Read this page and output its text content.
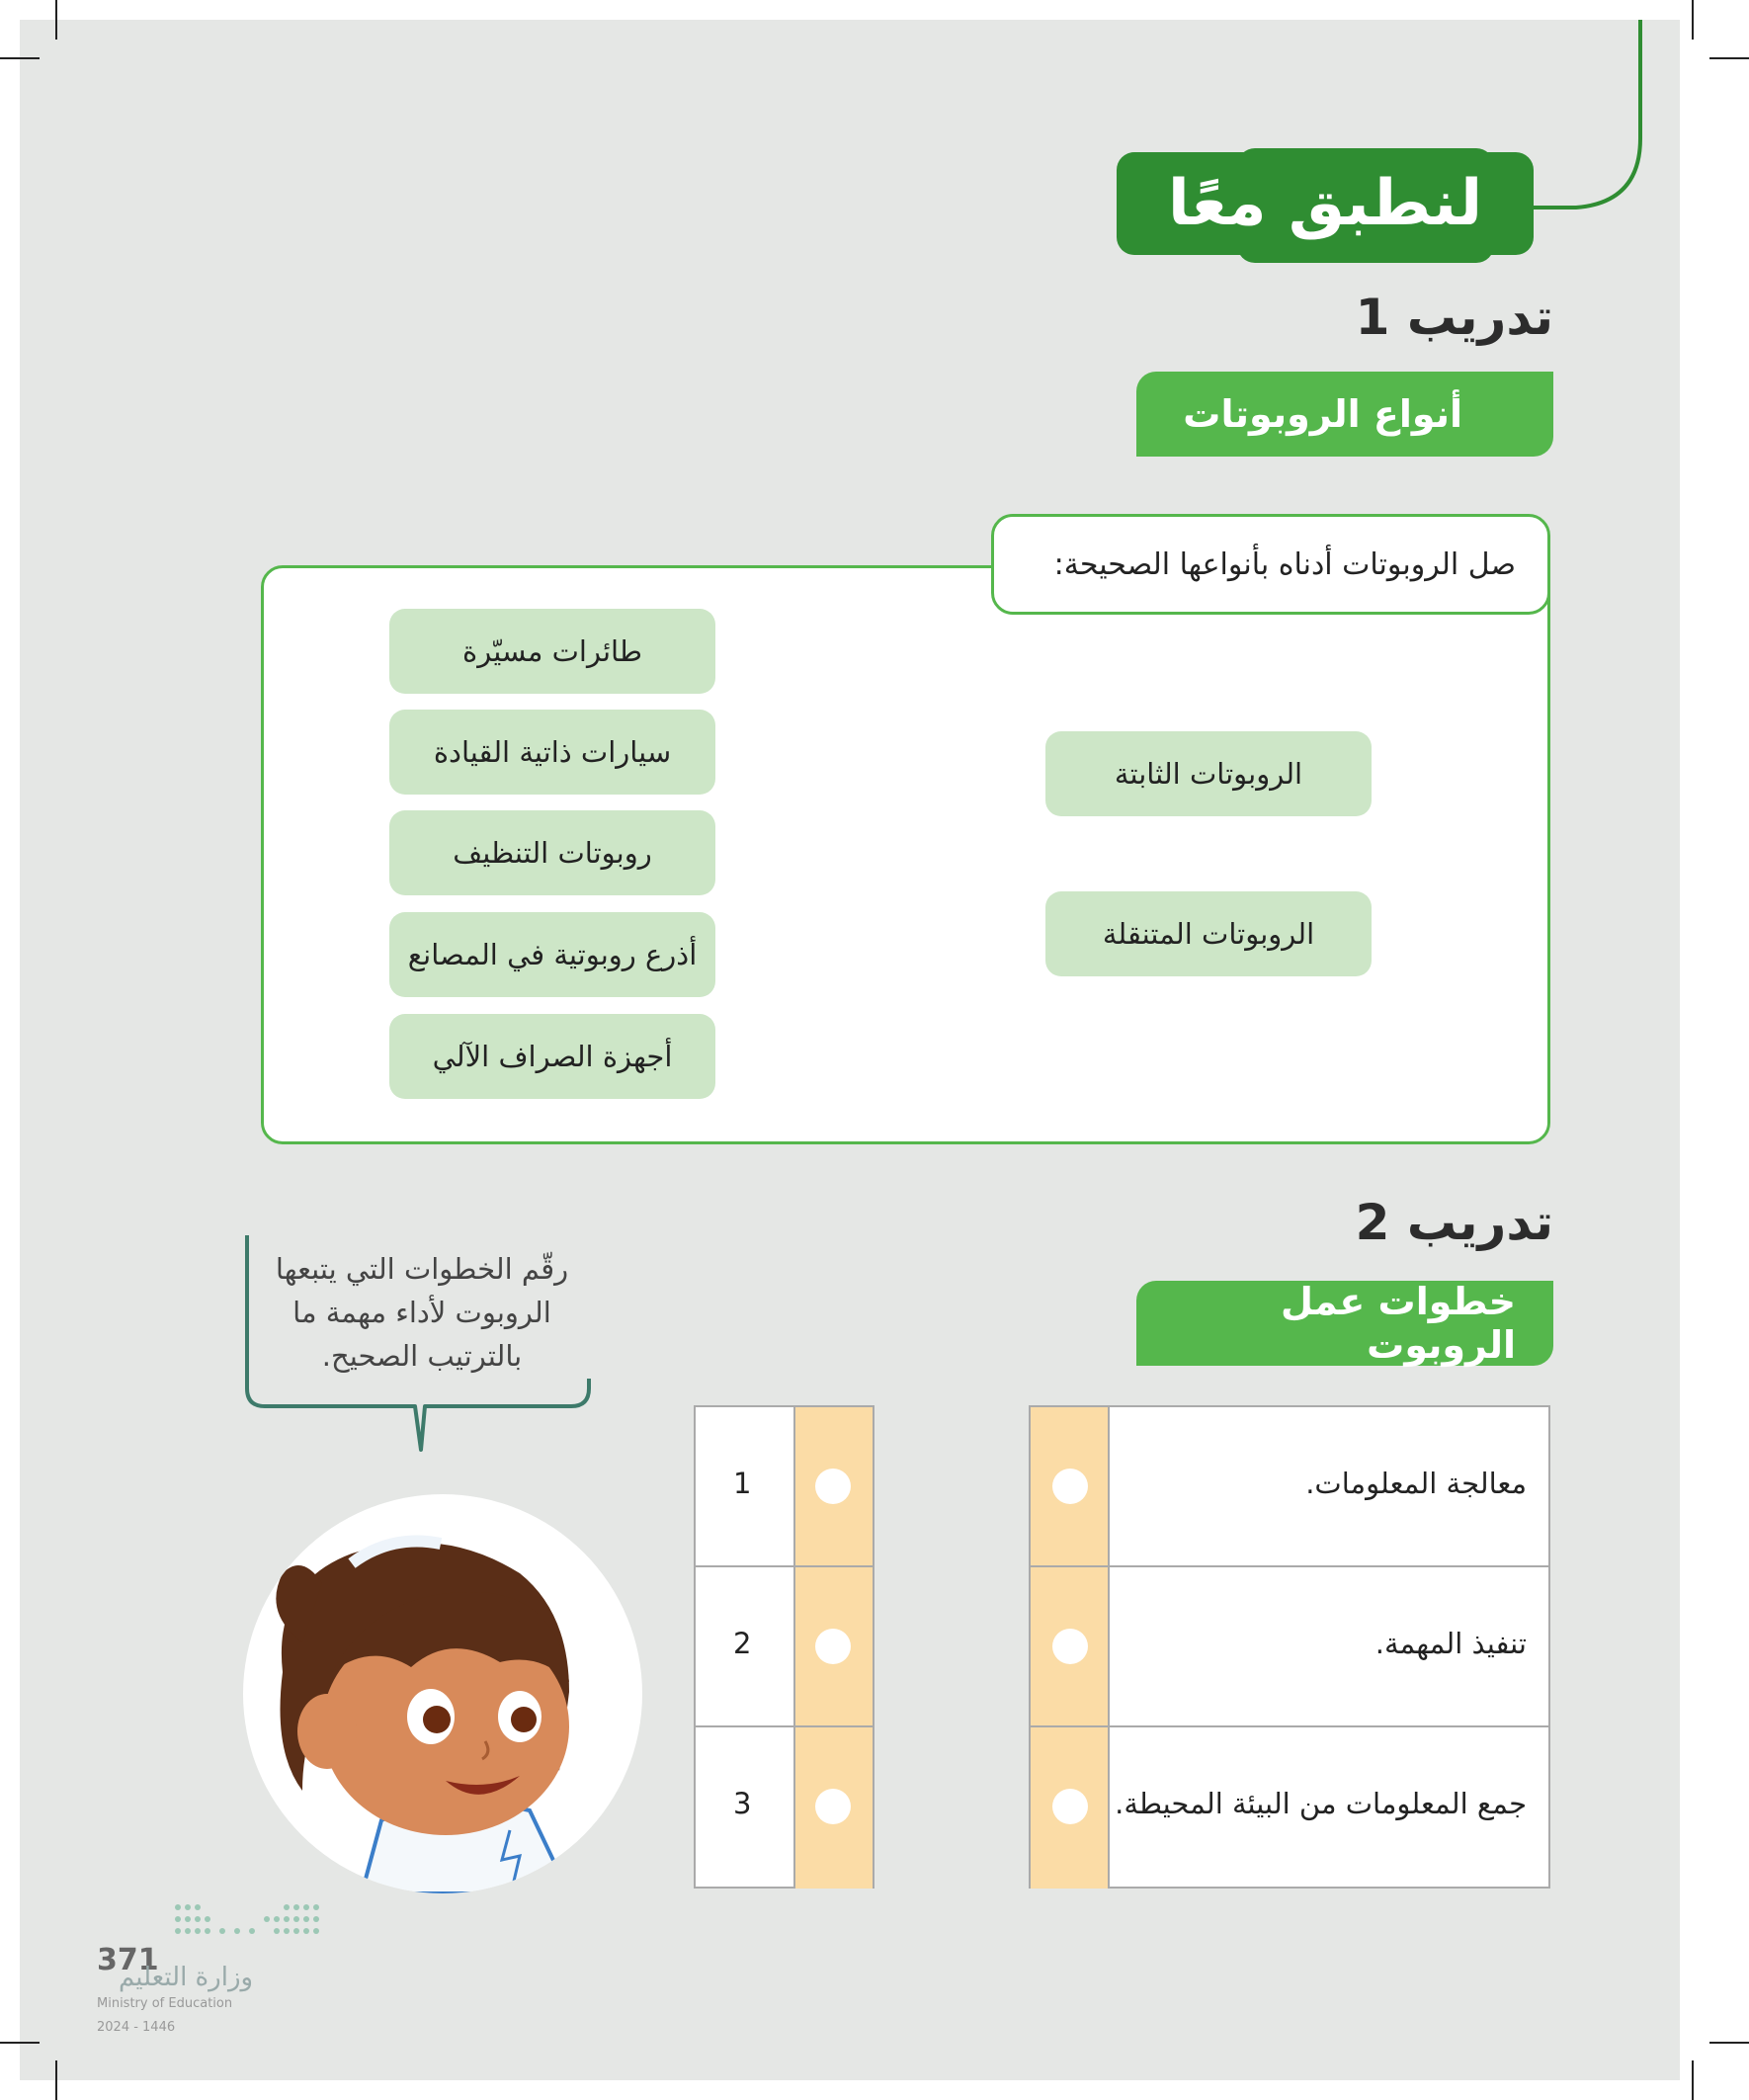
لنطبق معًا
تدريب 1
أنواع الروبوتات
صل الروبوتات أدناه بأنواعها الصحيحة:
طائرات مسيّرة
سيارات ذاتية القيادة
روبوتات التنظيف
أذرع روبوتية في المصانع
أجهزة الصراف الآلي
الروبوتات الثابتة
الروبوتات المتنقلة
تدريب 2
خطوات عمل الروبوت
رقّم الخطوات التي يتبعها الروبوت لأداء مهمة ما بالترتيب الصحيح.
معالجة المعلومات.
تنفيذ المهمة.
جمع المعلومات من البيئة المحيطة.
1
2
3
371
وزارة التعليم
Ministry of Education
2024 - 1446
